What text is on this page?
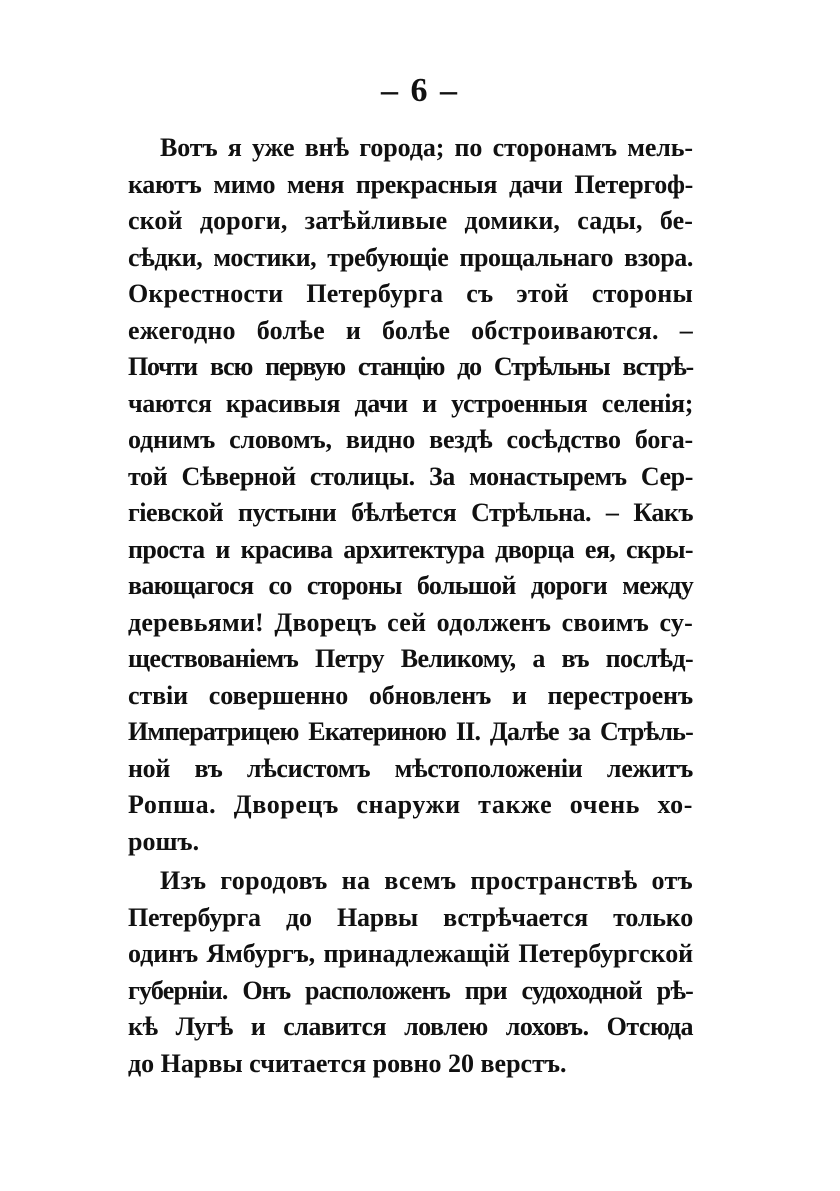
– 6 –
Вотъ я уже внѣ города; по сторонамъ мель-
каютъ мимо меня прекрасныя дачи Петергоф-
ской дороги, затѣйливые домики, сады, бе-
сѣдки, мостики, требующіе прощальнаго взора.
Окрестности Петербурга съ этой стороны
ежегодно болѣе и болѣе обстроиваются. –
Почти всю первую станцію до Стрѣльны встрѣ-
чаются красивыя дачи и устроенныя селенія;
однимъ словомъ, видно вездѣ сосѣдство бога-
той Сѣверной столицы. За монастыремъ Сер-
гіевской пустыни бѣлѣется Стрѣльна. – Какъ
проста и красива архитектура дворца ея, скры-
вающагося со стороны большой дороги между
деревьями! Дворецъ сей одолженъ своимъ су-
ществованіемъ Петру Великому, а въ послѣд-
ствіи совершенно обновленъ и перестроенъ
Императрицею Екатериною II. Далѣе за Стрѣль-
ной въ лѣсистомъ мѣстоположеніи лежитъ
Ропша. Дворецъ снаружи также очень хо-
рошъ.
Изъ городовъ на всемъ пространствѣ отъ
Петербурга до Нарвы встрѣчается только
одинъ Ямбургъ, принадлежащій Петербургской
губерніи. Онъ расположенъ при судоходной рѣ-
кѣ Лугѣ и славится ловлею лоховъ. Отсюда
до Нарвы считается ровно 20 верстъ.
